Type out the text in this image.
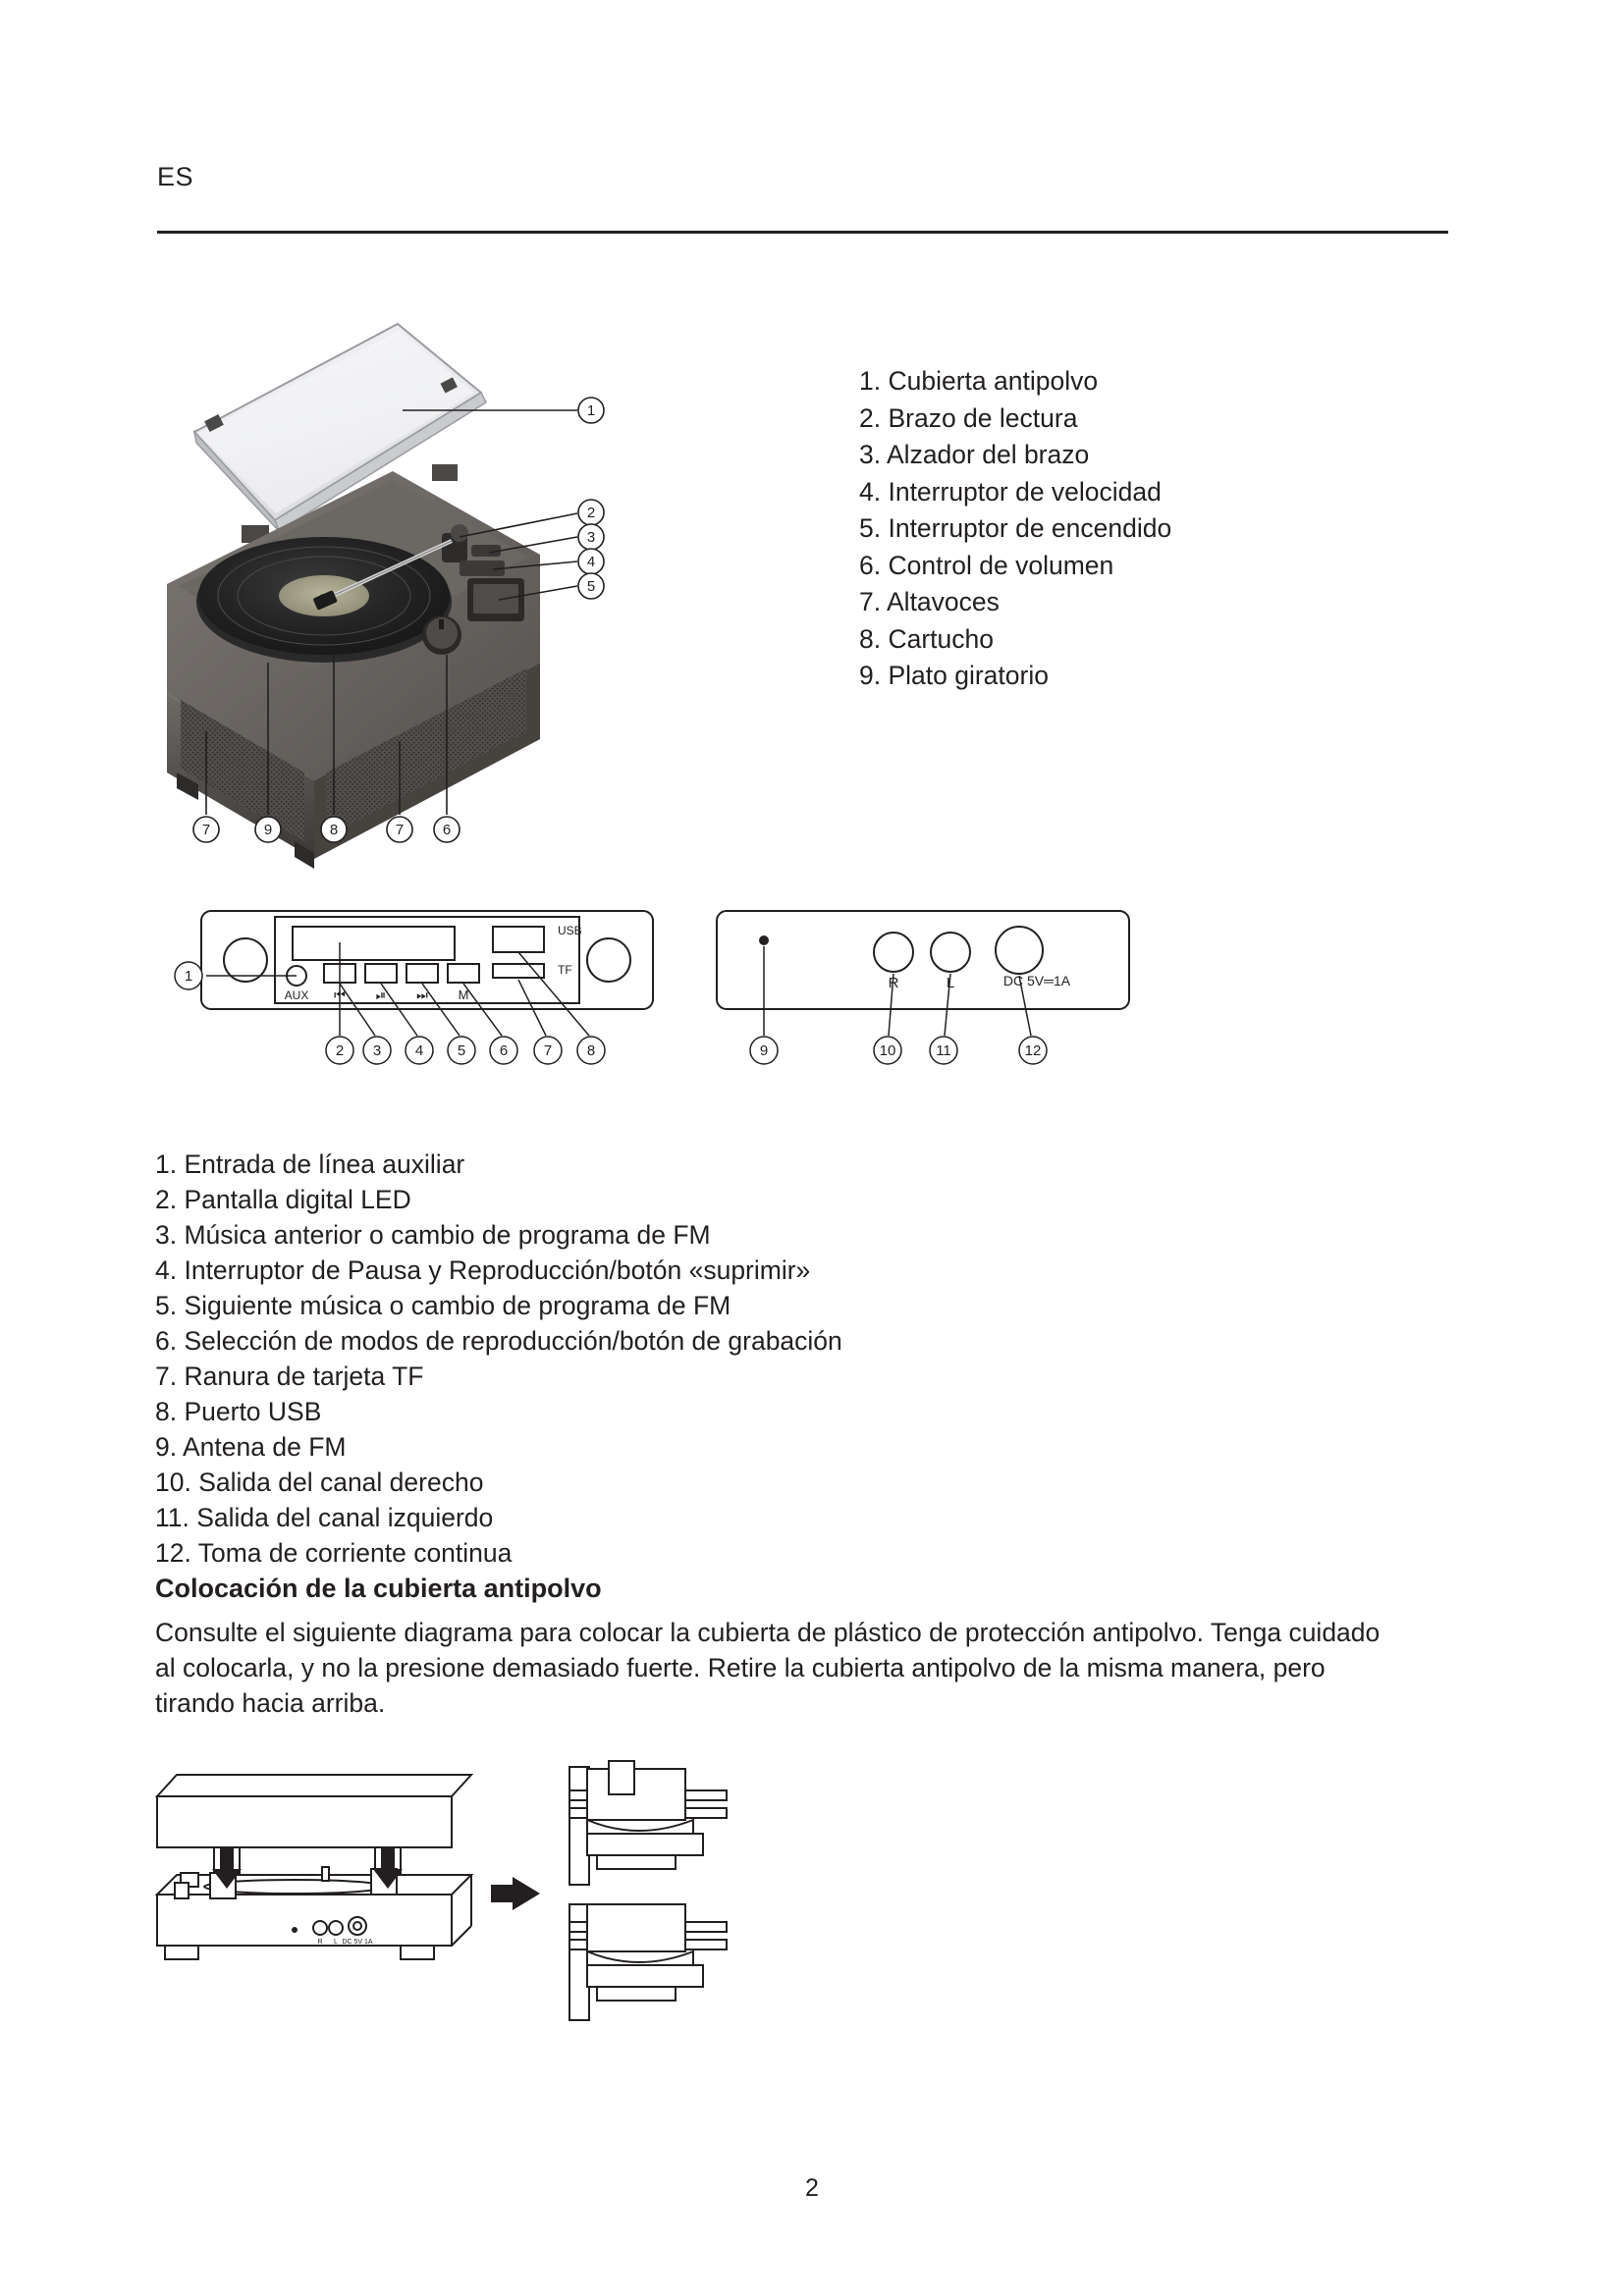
ES
1
2
3
4
5
7	9	8	7	6
1. Cubierta antipolvo
2. Brazo de lectura
3. Alzador del brazo
4. Interruptor de velocidad
5. Interruptor de encendido
6. Control de volumen
7. Altavoces
8. Cartucho
9. Plato giratorio
AUX ⏮ ⏯ ⏭ M
USB
TF
1
2 3 4 5 6 7 8
R	L	DC 5V═1A
9	10	11	12
1. Entrada de línea auxiliar
2. Pantalla digital LED
3. Música anterior o cambio de programa de FM
4. Interruptor de Pausa y Reproducción/botón «suprimir»
5. Siguiente música o cambio de programa de FM
6. Selección de modos de reproducción/botón de grabación
7. Ranura de tarjeta TF
8. Puerto USB
9. Antena de FM
10. Salida del canal derecho
11. Salida del canal izquierdo
12. Toma de corriente continua
Colocación de la cubierta antipolvo
Consulte el siguiente diagrama para colocar la cubierta de plástico de protección antipolvo. Tenga cuidado al colocarla, y no la presione demasiado fuerte. Retire la cubierta antipolvo de la misma manera, pero tirando hacia arriba.
R L DC 5V 1A
2
